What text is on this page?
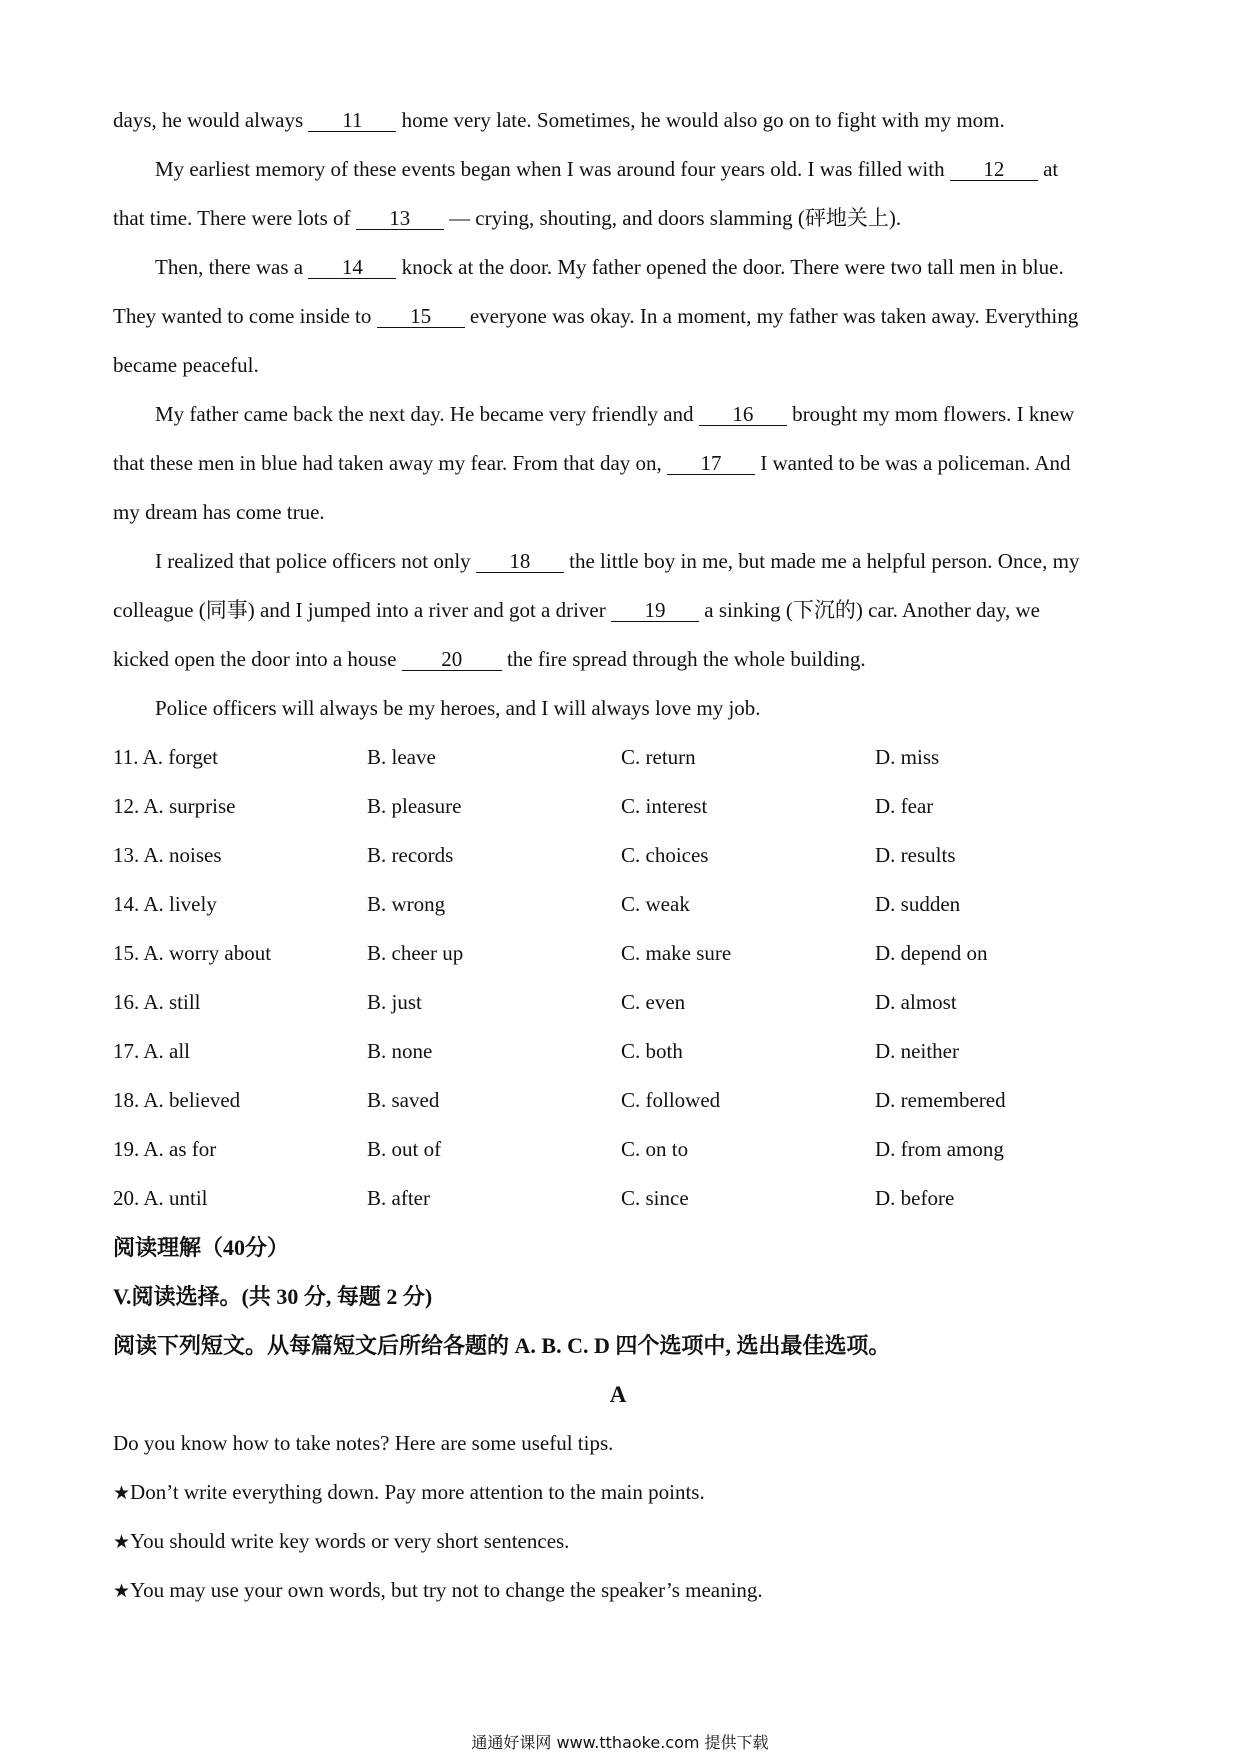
days, he would always 11 home very late. Sometimes, he would also go on to fight with my mom.
My earliest memory of these events began when I was around four years old. I was filled with 12 at
that time. There were lots of 13 — crying, shouting, and doors slamming (砰地关上).
Then, there was a 14 knock at the door. My father opened the door. There were two tall men in blue.
They wanted to come inside to 15 everyone was okay. In a moment, my father was taken away. Everything
became peaceful.
My father came back the next day. He became very friendly and 16 brought my mom flowers. I knew
that these men in blue had taken away my fear. From that day on, 17 I wanted to be was a policeman. And
my dream has come true.
I realized that police officers not only 18 the little boy in me, but made me a helpful person. Once, my
colleague (同事) and I jumped into a river and got a driver 19 a sinking (下沉的) car. Another day, we
kicked open the door into a house 20 the fire spread through the whole building.
Police officers will always be my heroes, and I will always love my job.
11. A. forget	B. leave	C. return	D. miss
12. A. surprise	B. pleasure	C. interest	D. fear
13. A. noises	B. records	C. choices	D. results
14. A. lively	B. wrong	C. weak	D. sudden
15. A. worry about	B. cheer up	C. make sure	D. depend on
16. A. still	B. just	C. even	D. almost
17. A. all	B. none	C. both	D. neither
18. A. believed	B. saved	C. followed	D. remembered
19. A. as for	B. out of	C. on to	D. from among
20. A. until	B. after	C. since	D. before
阅读理解（40分）
V.阅读选择。(共 30 分, 每题 2 分)
阅读下列短文。从每篇短文后所给各题的 A. B. C. D 四个选项中, 选出最佳选项。
A
Do you know how to take notes? Here are some useful tips.
★Don’t write everything down. Pay more attention to the main points.
★You should write key words or very short sentences.
★You may use your own words, but try not to change the speaker’s meaning.
通通好课网 www.tthaoke.com 提供下载
